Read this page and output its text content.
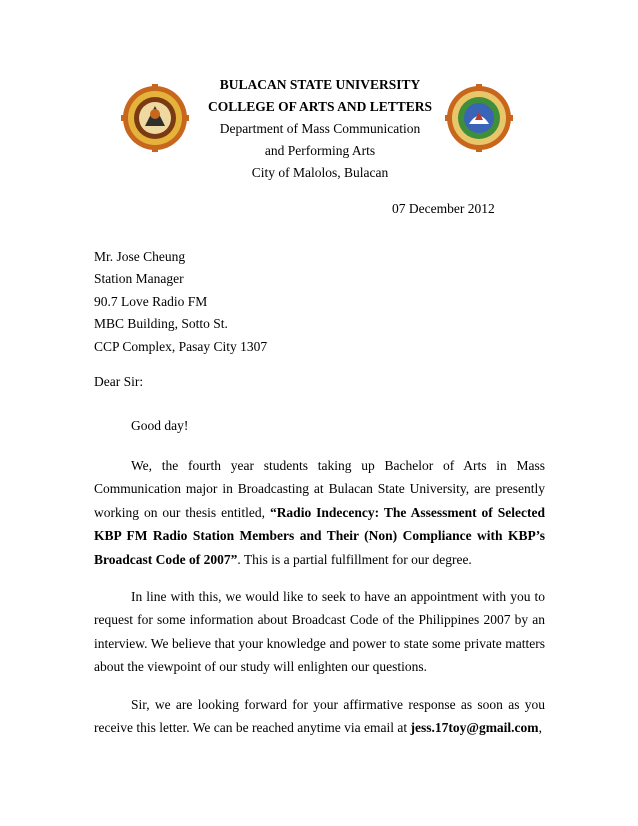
BULACAN STATE UNIVERSITY
COLLEGE OF ARTS AND LETTERS
Department of Mass Communication
and Performing Arts
City of Malolos, Bulacan
07 December 2012
Mr. Jose Cheung
Station Manager
90.7 Love Radio FM
MBC Building, Sotto St.
CCP Complex, Pasay City 1307
Dear Sir:
Good day!
We, the fourth year students taking up Bachelor of Arts in Mass Communication major in Broadcasting at Bulacan State University, are presently working on our thesis entitled, “Radio Indecency: The Assessment of Selected KBP FM Radio Station Members and Their (Non) Compliance with KBP’s Broadcast Code of 2007”. This is a partial fulfillment for our degree.
In line with this, we would like to seek to have an appointment with you to request for some information about Broadcast Code of the Philippines 2007 by an interview. We believe that your knowledge and power to state some private matters about the viewpoint of our study will enlighten our questions.
Sir, we are looking forward for your affirmative response as soon as you receive this letter. We can be reached anytime via email at jess.17toy@gmail.com,
